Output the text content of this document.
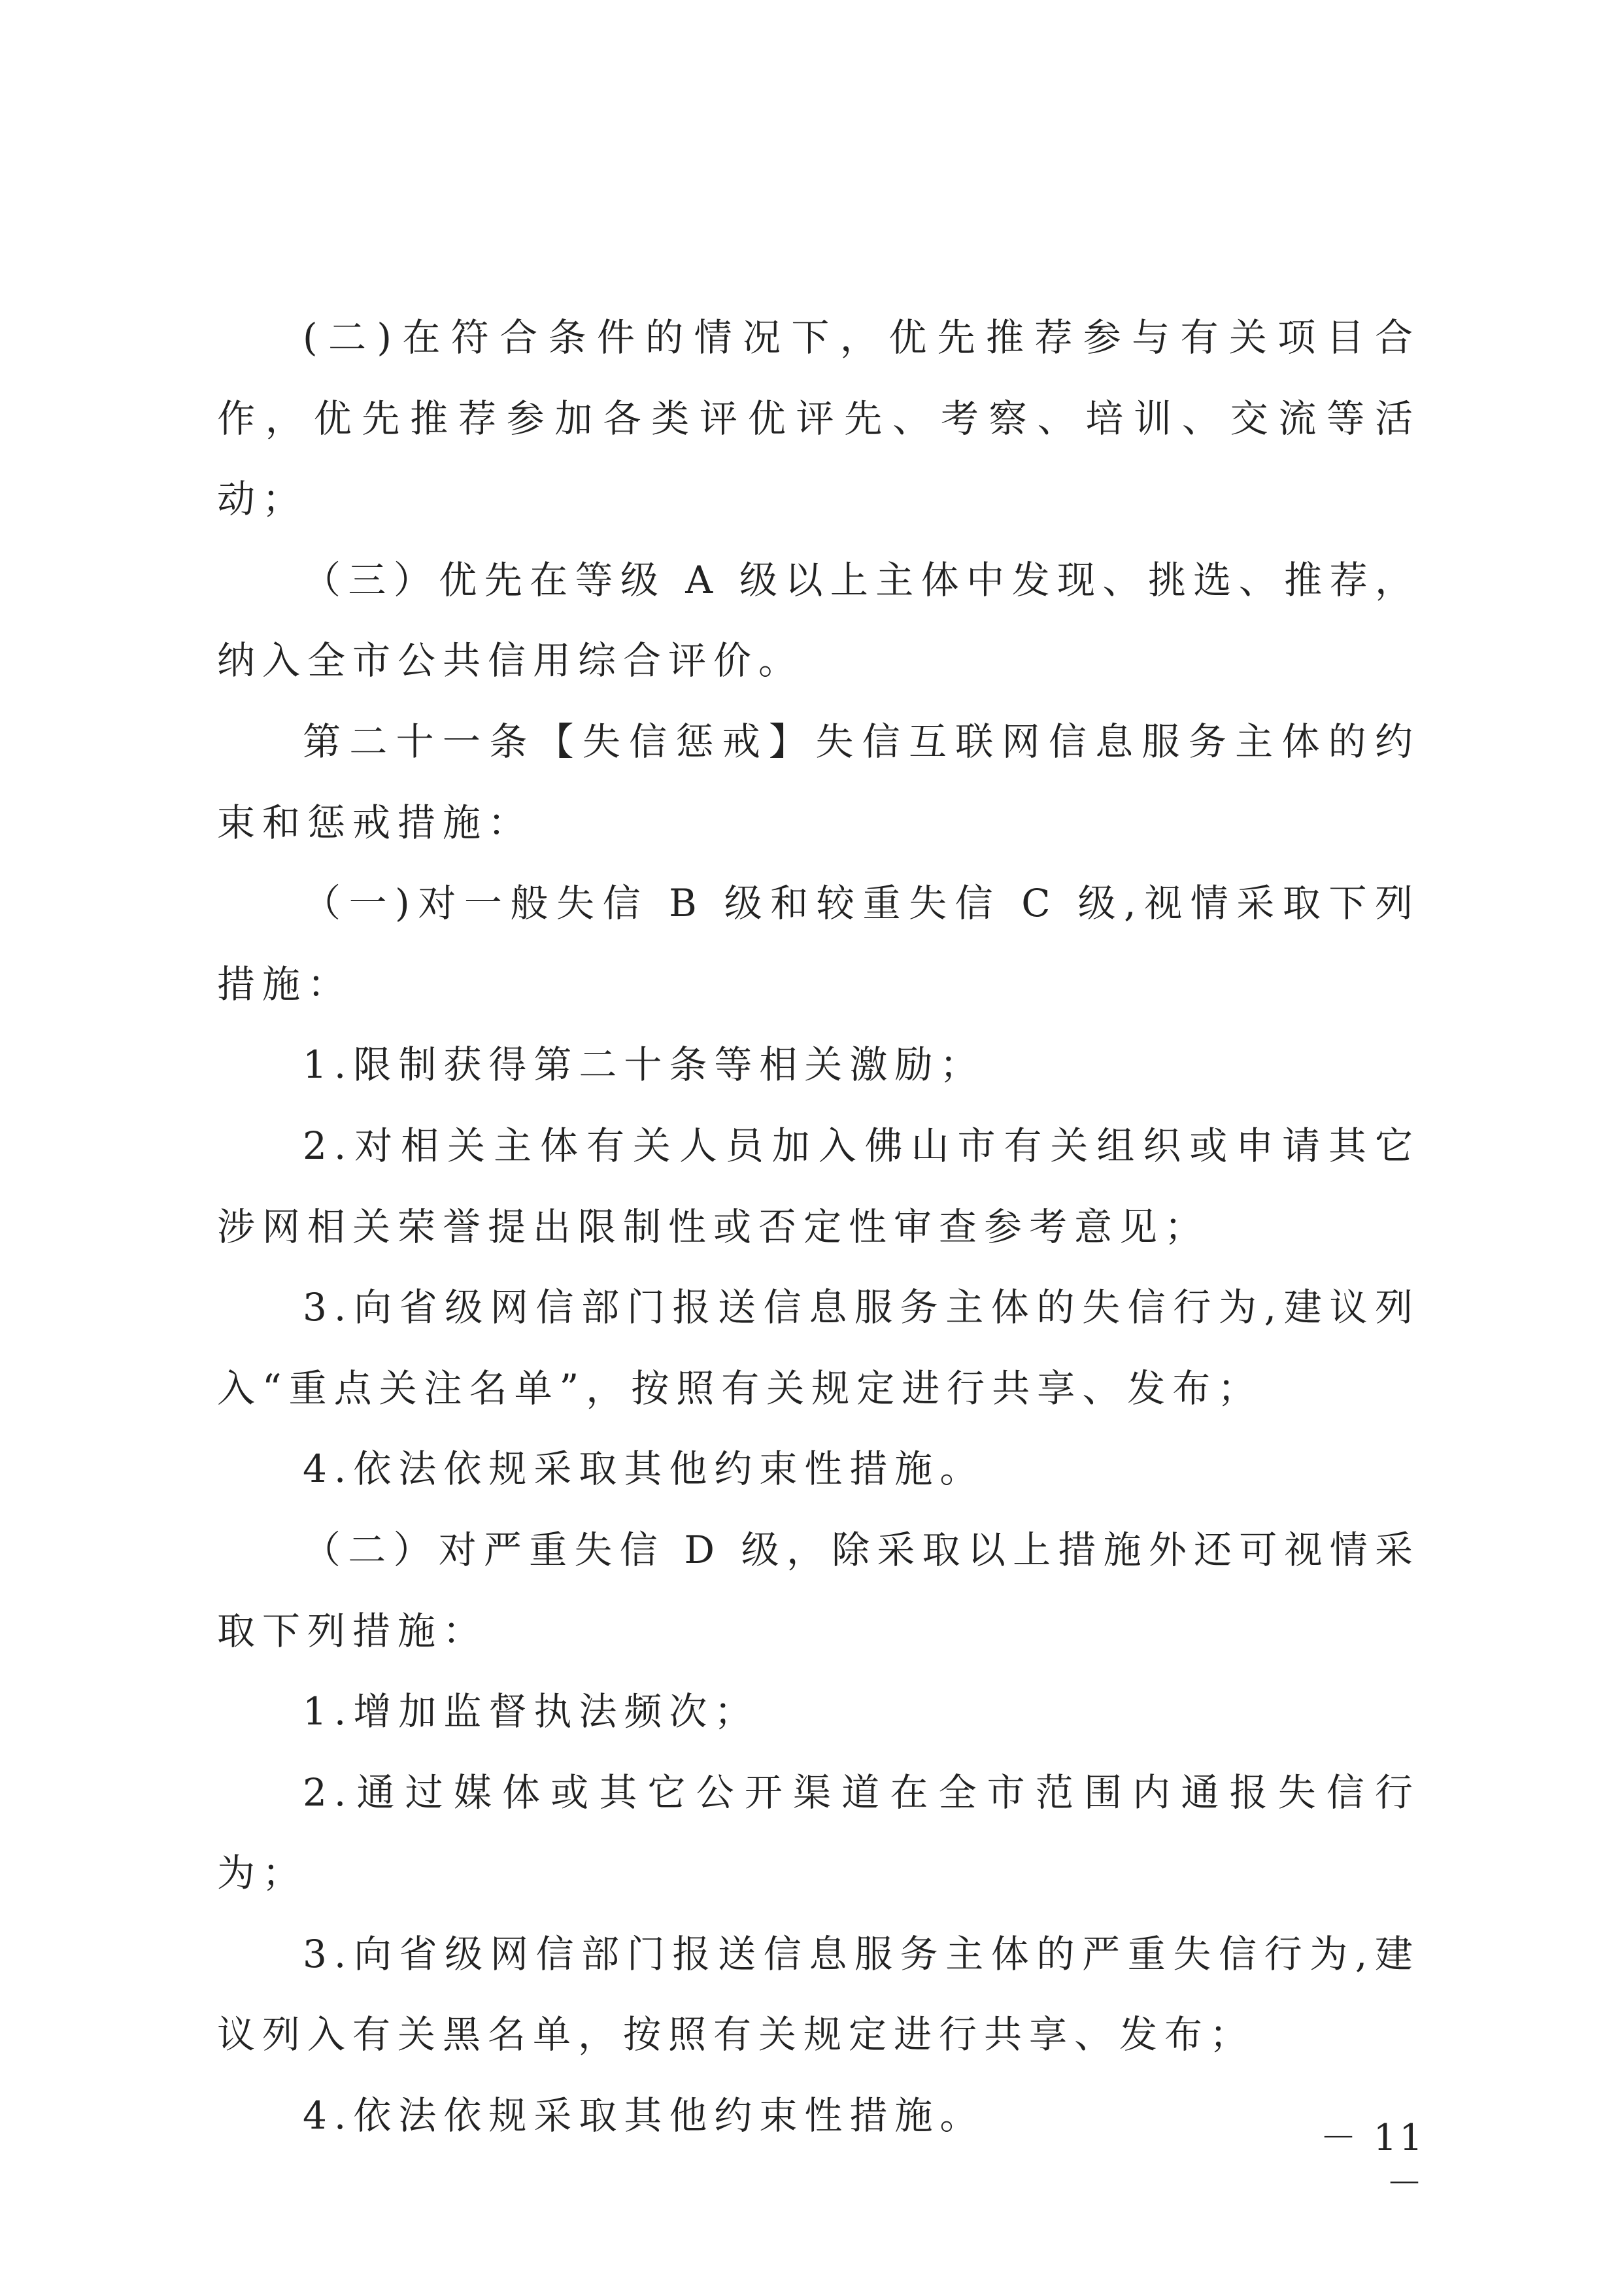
(二)在符合条件的情况下，优先推荐参与有关项目合作，优先推荐参加各类评优评先、考察、培训、交流等活动；

（三）优先在等级 A 级以上主体中发现、挑选、推荐，纳入全市公共信用综合评价。

第二十一条【失信惩戒】失信互联网信息服务主体的约束和惩戒措施：

（一)对一般失信 B 级和较重失信 C 级,视情采取下列措施：

1.限制获得第二十条等相关激励；

2.对相关主体有关人员加入佛山市有关组织或申请其它涉网相关荣誉提出限制性或否定性审查参考意见；

3.向省级网信部门报送信息服务主体的失信行为,建议列入“重点关注名单”，按照有关规定进行共享、发布；

4.依法依规采取其他约束性措施。

（二）对严重失信 D 级，除采取以上措施外还可视情采取下列措施：

1.增加监督执法频次；

2.通过媒体或其它公开渠道在全市范围内通报失信行为；

3.向省级网信部门报送信息服务主体的严重失信行为,建议列入有关黑名单，按照有关规定进行共享、发布；

4.依法依规采取其他约束性措施。

－ 11 －
